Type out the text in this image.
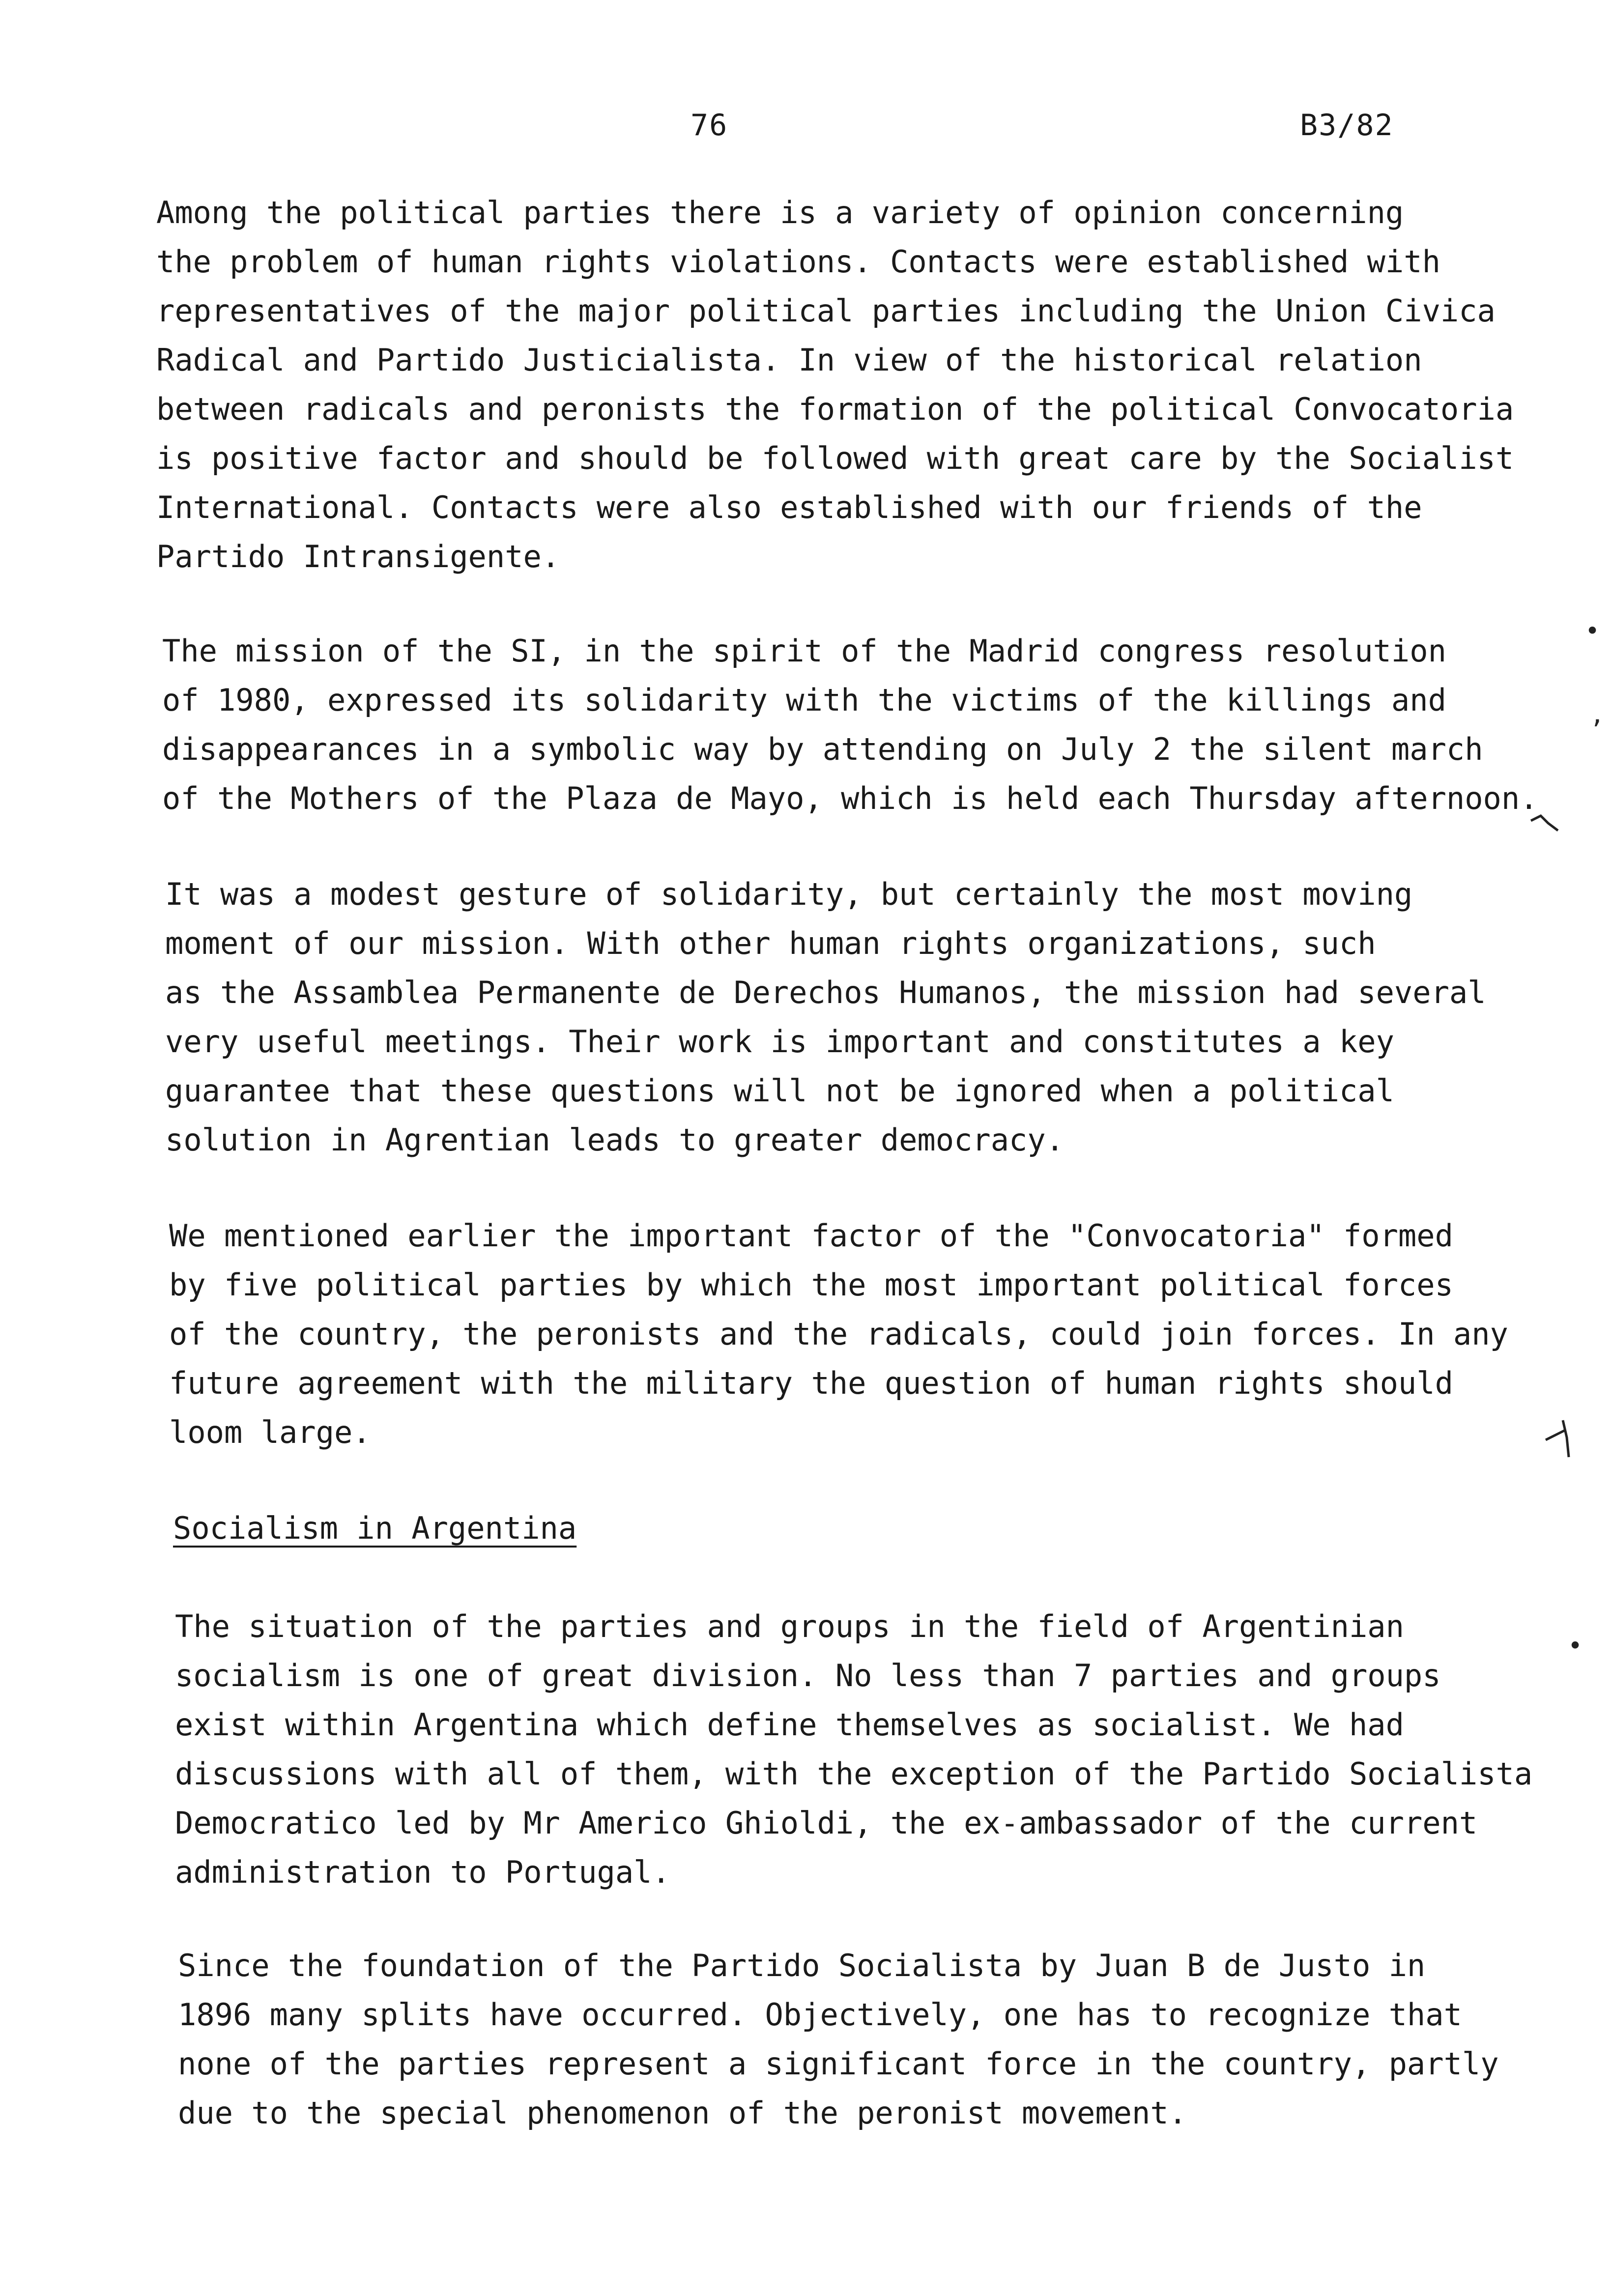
76	B3/82
Among the political parties there is a variety of opinion concerning
the problem of human rights violations. Contacts were established with
representatives of the major political parties including the Union Civica
Radical and Partido Justicialista. In view of the historical relation
between radicals and peronists the formation of the political Convocatoria
is positive factor and should be followed with great care by the Socialist
International. Contacts were also established with our friends of the
Partido Intransigente.
The mission of the SI, in the spirit of the Madrid congress resolution
of 1980, expressed its solidarity with the victims of the killings and
disappearances in a symbolic way by attending on July 2 the silent march
of the Mothers of the Plaza de Mayo, which is held each Thursday afternoon.
It was a modest gesture of solidarity, but certainly the most moving
moment of our mission. With other human rights organizations, such
as the Assamblea Permanente de Derechos Humanos, the mission had several
very useful meetings. Their work is important and constitutes a key
guarantee that these questions will not be ignored when a political
solution in Agrentian leads to greater democracy.
We mentioned earlier the important factor of the "Convocatoria" formed
by five political parties by which the most important political forces
of the country, the peronists and the radicals, could join forces. In any
future agreement with the military the question of human rights should
loom large.
Socialism in Argentina
The situation of the parties and groups in the field of Argentinian
socialism is one of great division. No less than 7 parties and groups
exist within Argentina which define themselves as socialist. We had
discussions with all of them, with the exception of the Partido Socialista
Democratico led by Mr Americo Ghioldi, the ex-ambassador of the current
administration to Portugal.
Since the foundation of the Partido Socialista by Juan B de Justo in
1896 many splits have occurred. Objectively, one has to recognize that
none of the parties represent a significant force in the country, partly
due to the special phenomenon of the peronist movement.
•
,
•
